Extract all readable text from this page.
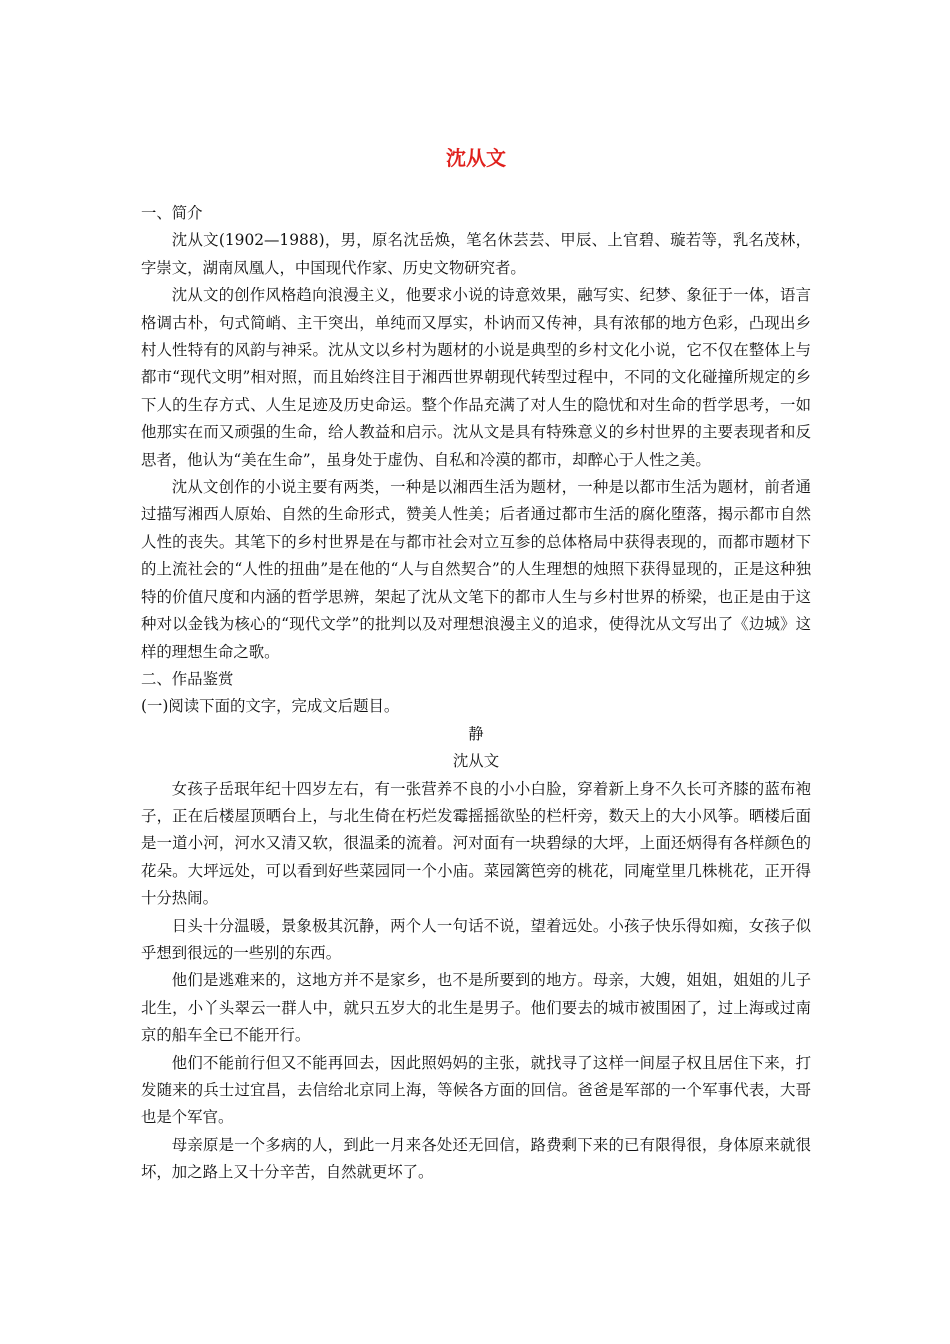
沈从文

一、简介

沈从文(1902—1988)，男，原名沈岳焕，笔名休芸芸、甲辰、上官碧、璇若等，乳名茂林，字崇文，湖南凤凰人，中国现代作家、历史文物研究者。

沈从文的创作风格趋向浪漫主义，他要求小说的诗意效果，融写实、纪梦、象征于一体，语言格调古朴，句式简峭、主干突出，单纯而又厚实，朴讷而又传神，具有浓郁的地方色彩，凸现出乡村人性特有的风韵与神采。沈从文以乡村为题材的小说是典型的乡村文化小说，它不仅在整体上与都市“现代文明”相对照，而且始终注目于湘西世界朝现代转型过程中，不同的文化碰撞所规定的乡下人的生存方式、人生足迹及历史命运。整个作品充满了对人生的隐忧和对生命的哲学思考，一如他那实在而又顽强的生命，给人教益和启示。沈从文是具有特殊意义的乡村世界的主要表现者和反思者，他认为“美在生命”，虽身处于虚伪、自私和冷漠的都市，却醉心于人性之美。

沈从文创作的小说主要有两类，一种是以湘西生活为题材，一种是以都市生活为题材，前者通过描写湘西人原始、自然的生命形式，赞美人性美；后者通过都市生活的腐化堕落，揭示都市自然人性的丧失。其笔下的乡村世界是在与都市社会对立互参的总体格局中获得表现的，而都市题材下的上流社会的“人性的扭曲”是在他的“人与自然契合”的人生理想的烛照下获得显现的，正是这种独特的价值尺度和内涵的哲学思辨，架起了沈从文笔下的都市人生与乡村世界的桥梁，也正是由于这种对以金钱为核心的“现代文学”的批判以及对理想浪漫主义的追求，使得沈从文写出了《边城》这样的理想生命之歌。

二、作品鉴赏

(一)阅读下面的文字，完成文后题目。

静

沈从文

女孩子岳珉年纪十四岁左右，有一张营养不良的小小白脸，穿着新上身不久长可齐膝的蓝布袍子，正在后楼屋顶晒台上，与北生倚在朽烂发霉摇摇欲坠的栏杆旁，数天上的大小风筝。晒楼后面是一道小河，河水又清又软，很温柔的流着。河对面有一块碧绿的大坪，上面还炳得有各样颜色的花朵。大坪远处，可以看到好些菜园同一个小庙。菜园篱笆旁的桃花，同庵堂里几株桃花，正开得十分热闹。

日头十分温暖，景象极其沉静，两个人一句话不说，望着远处。小孩子快乐得如痴，女孩子似乎想到很远的一些别的东西。

他们是逃难来的，这地方并不是家乡，也不是所要到的地方。母亲，大嫂，姐姐，姐姐的儿子北生，小丫头翠云一群人中，就只五岁大的北生是男子。他们要去的城市被围困了，过上海或过南京的船车全已不能开行。

他们不能前行但又不能再回去，因此照妈妈的主张，就找寻了这样一间屋子权且居住下来，打发随来的兵士过宜昌，去信给北京同上海，等候各方面的回信。爸爸是军部的一个军事代表，大哥也是个军官。

母亲原是一个多病的人，到此一月来各处还无回信，路费剩下来的已有限得很，身体原来就很坏，加之路上又十分辛苦，自然就更坏了。
